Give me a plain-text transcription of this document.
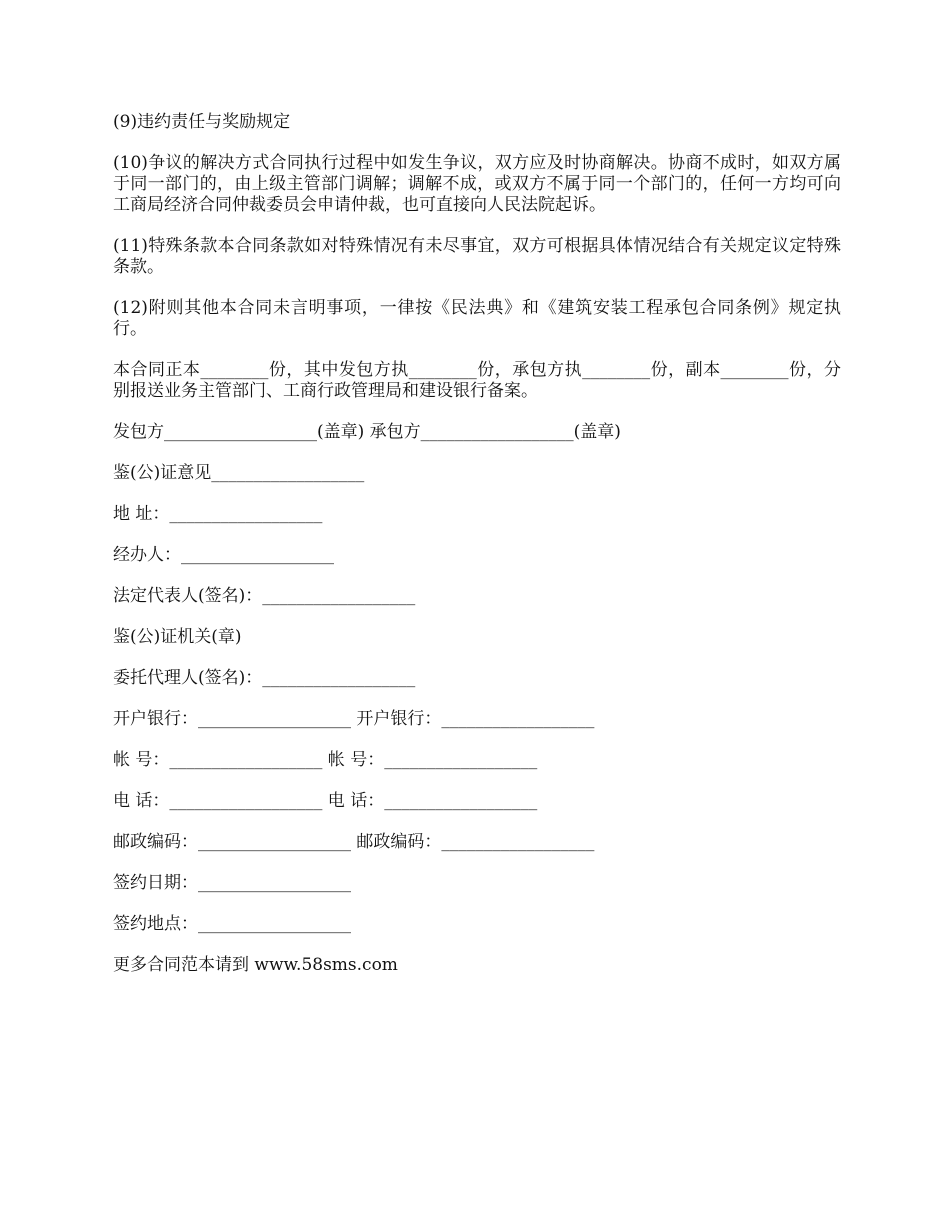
(9)违约责任与奖励规定

(10)争议的解决方式合同执行过程中如发生争议，双方应及时协商解决。协商不成时，如双方属于同一部门的，由上级主管部门调解；调解不成，或双方不属于同一个部门的，任何一方均可向工商局经济合同仲裁委员会申请仲裁，也可直接向人民法院起诉。

(11)特殊条款本合同条款如对特殊情况有未尽事宜，双方可根据具体情况结合有关规定议定特殊条款。

(12)附则其他本合同未言明事项，一律按《民法典》和《建筑安装工程承包合同条例》规定执行。

本合同正本________份，其中发包方执________份，承包方执________份，副本________份，分别报送业务主管部门、工商行政管理局和建设银行备案。

发包方__________________(盖章) 承包方__________________(盖章)

鉴(公)证意见__________________

地 址：__________________

经办人：__________________

法定代表人(签名)：__________________

鉴(公)证机关(章)

委托代理人(签名)：__________________

开户银行：__________________ 开户银行：__________________

帐 号：__________________ 帐 号：__________________

电 话：__________________ 电 话：__________________

邮政编码：__________________ 邮政编码：__________________

签约日期：__________________

签约地点：__________________

更多合同范本请到 www.58sms.com
